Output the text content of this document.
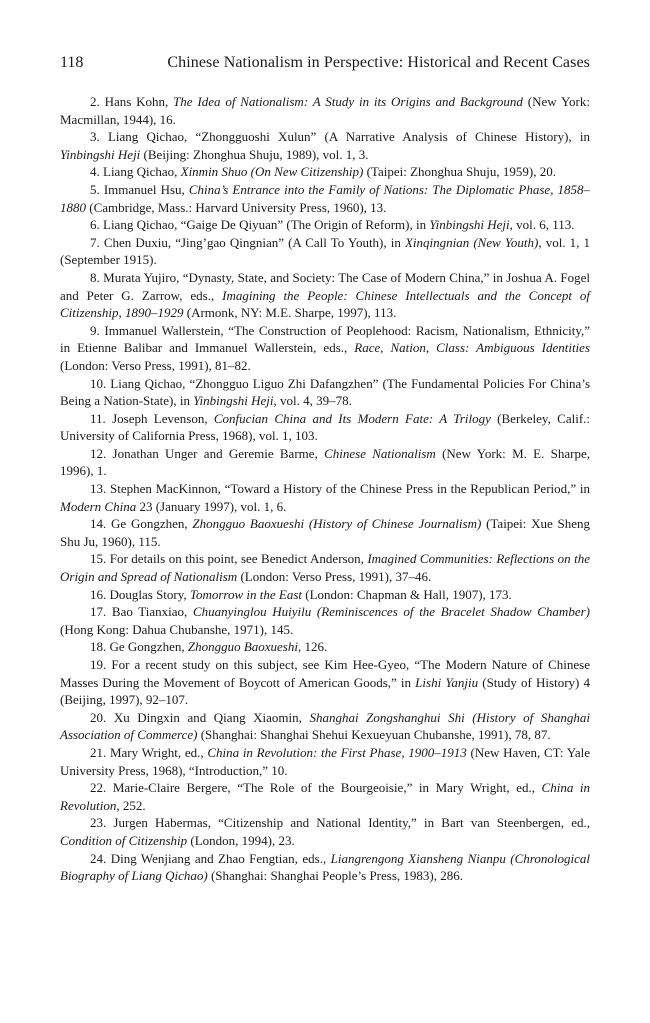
118	Chinese Nationalism in Perspective: Historical and Recent Cases

2. Hans Kohn, The Idea of Nationalism: A Study in its Origins and Background (New York: Macmillan, 1944), 16.

3. Liang Qichao, “Zhongguoshi Xulun” (A Narrative Analysis of Chinese History), in Yinbingshi Heji (Beijing: Zhonghua Shuju, 1989), vol. 1, 3.

4. Liang Qichao, Xinmin Shuo (On New Citizenship) (Taipei: Zhonghua Shuju, 1959), 20.

5. Immanuel Hsu, China’s Entrance into the Family of Nations: The Diplomatic Phase, 1858–1880 (Cambridge, Mass.: Harvard University Press, 1960), 13.

6. Liang Qichao, “Gaige De Qiyuan” (The Origin of Reform), in Yinbingshi Heji, vol. 6, 113.

7. Chen Duxiu, “Jing’gao Qingnian” (A Call To Youth), in Xinqingnian (New Youth), vol. 1, 1 (September 1915).

8. Murata Yujiro, “Dynasty, State, and Society: The Case of Modern China,” in Joshua A. Fogel and Peter G. Zarrow, eds., Imagining the People: Chinese Intellectuals and the Concept of Citizenship, 1890–1929 (Armonk, NY: M.E. Sharpe, 1997), 113.

9. Immanuel Wallerstein, “The Construction of Peoplehood: Racism, Nationalism, Ethnicity,” in Etienne Balibar and Immanuel Wallerstein, eds., Race, Nation, Class: Ambiguous Identities (London: Verso Press, 1991), 81–82.

10. Liang Qichao, “Zhongguo Liguo Zhi Dafangzhen” (The Fundamental Policies For China’s Being a Nation-State), in Yinbingshi Heji, vol. 4, 39–78.

11. Joseph Levenson, Confucian China and Its Modern Fate: A Trilogy (Berkeley, Calif.: University of California Press, 1968), vol. 1, 103.

12. Jonathan Unger and Geremie Barme, Chinese Nationalism (New York: M. E. Sharpe, 1996), 1.

13. Stephen MacKinnon, “Toward a History of the Chinese Press in the Republican Period,” in Modern China 23 (January 1997), vol. 1, 6.

14. Ge Gongzhen, Zhongguo Baoxueshi (History of Chinese Journalism) (Taipei: Xue Sheng Shu Ju, 1960), 115.

15. For details on this point, see Benedict Anderson, Imagined Communities: Reflections on the Origin and Spread of Nationalism (London: Verso Press, 1991), 37–46.

16. Douglas Story, Tomorrow in the East (London: Chapman & Hall, 1907), 173.

17. Bao Tianxiao, Chuanyinglou Huiyilu (Reminiscences of the Bracelet Shadow Chamber) (Hong Kong: Dahua Chubanshe, 1971), 145.

18. Ge Gongzhen, Zhongguo Baoxueshi, 126.

19. For a recent study on this subject, see Kim Hee-Gyeo, “The Modern Nature of Chinese Masses During the Movement of Boycott of American Goods,” in Lishi Yanjiu (Study of History) 4 (Beijing, 1997), 92–107.

20. Xu Dingxin and Qiang Xiaomin, Shanghai Zongshanghui Shi (History of Shanghai Association of Commerce) (Shanghai: Shanghai Shehui Kexueyuan Chubanshe, 1991), 78, 87.

21. Mary Wright, ed., China in Revolution: the First Phase, 1900–1913 (New Haven, CT: Yale University Press, 1968), “Introduction,” 10.

22. Marie-Claire Bergere, “The Role of the Bourgeoisie,” in Mary Wright, ed., China in Revolution, 252.

23. Jurgen Habermas, “Citizenship and National Identity,” in Bart van Steenbergen, ed., Condition of Citizenship (London, 1994), 23.

24. Ding Wenjiang and Zhao Fengtian, eds., Liangrengong Xiansheng Nianpu (Chronological Biography of Liang Qichao) (Shanghai: Shanghai People’s Press, 1983), 286.
